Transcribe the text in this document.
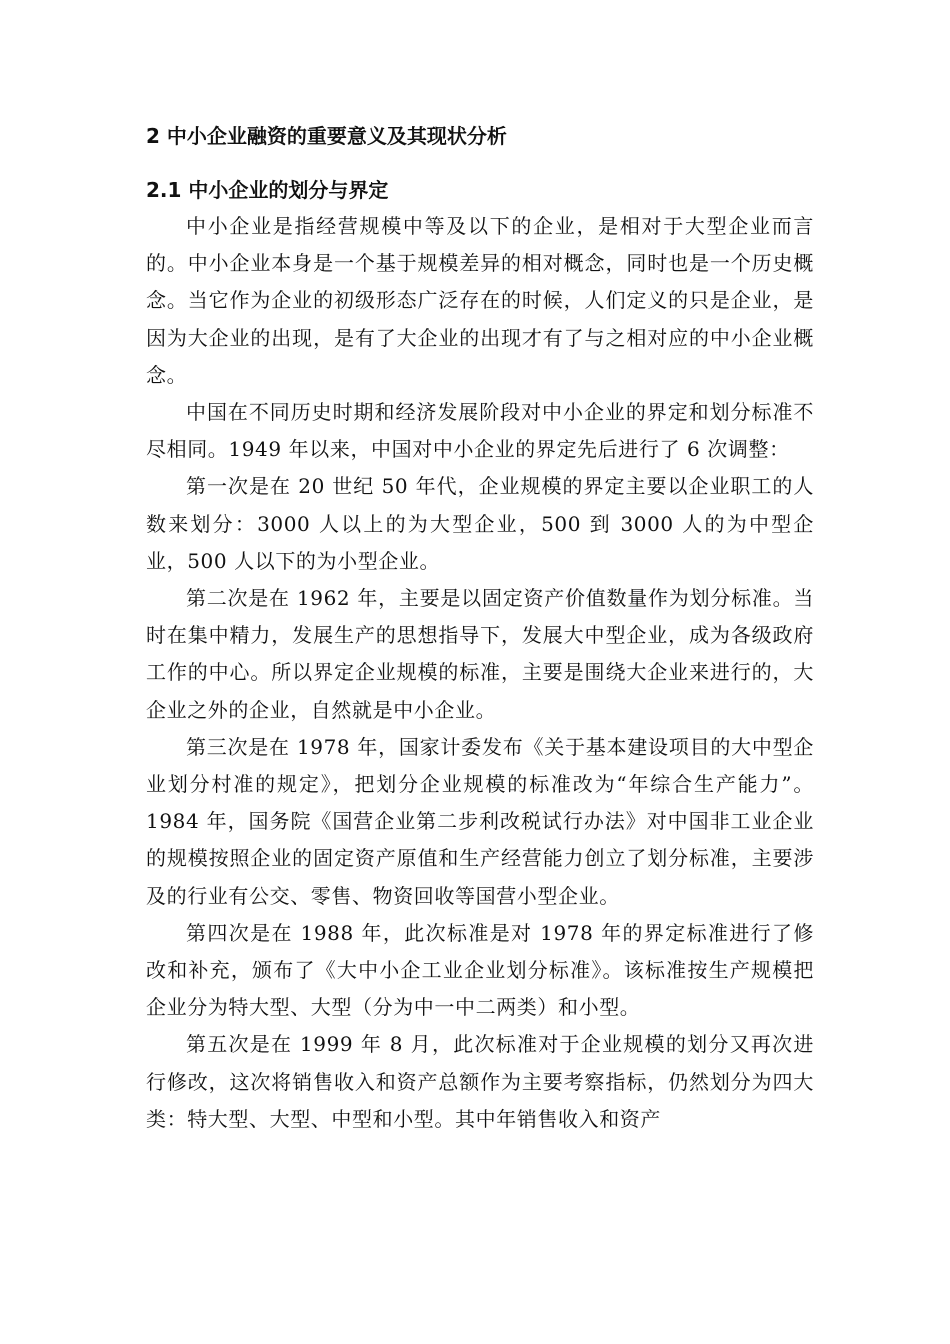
2 中小企业融资的重要意义及其现状分析
2.1 中小企业的划分与界定

中小企业是指经营规模中等及以下的企业，是相对于大型企业而言的。中小企业本身是一个基于规模差异的相对概念，同时也是一个历史概念。当它作为企业的初级形态广泛存在的时候，人们定义的只是企业，是因为大企业的出现，是有了大企业的出现才有了与之相对应的中小企业概念。

中国在不同历史时期和经济发展阶段对中小企业的界定和划分标准不尽相同。1949 年以来，中国对中小企业的界定先后进行了 6 次调整：

第一次是在 20 世纪 50 年代，企业规模的界定主要以企业职工的人数来划分：3000 人以上的为大型企业，500 到 3000 人的为中型企业，500 人以下的为小型企业。

第二次是在 1962 年，主要是以固定资产价值数量作为划分标准。当时在集中精力，发展生产的思想指导下，发展大中型企业，成为各级政府工作的中心。所以界定企业规模的标准，主要是围绕大企业来进行的，大企业之外的企业，自然就是中小企业。

第三次是在 1978 年，国家计委发布《关于基本建设项目的大中型企业划分村准的规定》，把划分企业规模的标准改为“年综合生产能力”。1984 年，国务院《国营企业第二步利改税试行办法》对中国非工业企业的规模按照企业的固定资产原值和生产经营能力创立了划分标准，主要涉及的行业有公交、零售、物资回收等国营小型企业。

第四次是在 1988 年，此次标准是对 1978 年的界定标准进行了修改和补充，颁布了《大中小企工业企业划分标准》。该标准按生产规模把企业分为特大型、大型（分为中一中二两类）和小型。

第五次是在 1999 年 8 月，此次标准对于企业规模的划分又再次进行修改，这次将销售收入和资产总额作为主要考察指标，仍然划分为四大类：特大型、大型、中型和小型。其中年销售收入和资产
